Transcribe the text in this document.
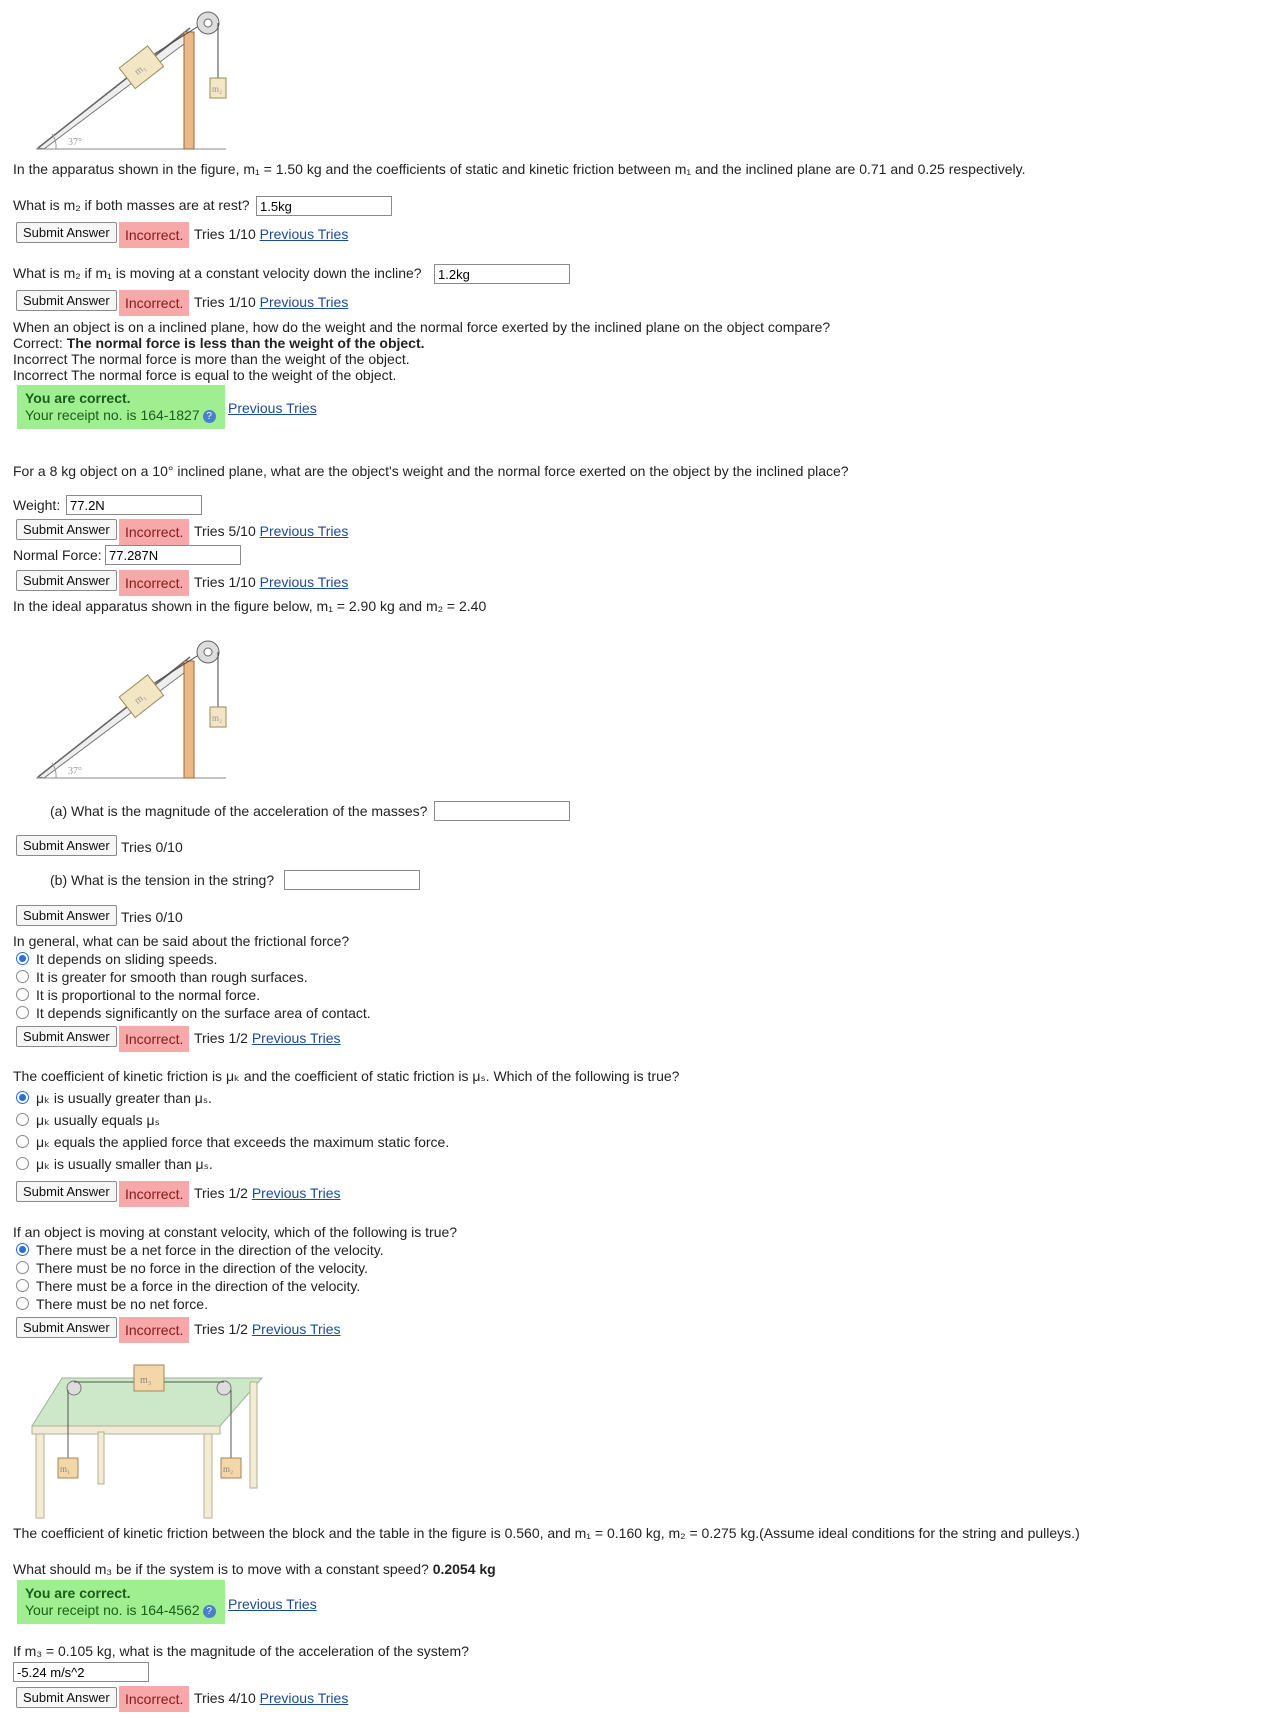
m₁
m₂
37°
In the apparatus shown in the figure, m₁ = 1.50 kg and the coefficients of static and kinetic friction between m₁ and the inclined plane are 0.71 and 0.25 respectively.
What is m₂ if both masses are at rest?
1.5kg
Submit Answer	Incorrect. Tries 1/10 Previous Tries
What is m₂ if m₁ is moving at a constant velocity down the incline?
1.2kg
Submit Answer	Incorrect. Tries 1/10 Previous Tries
When an object is on a inclined plane, how do the weight and the normal force exerted by the inclined plane on the object compare?
Correct: The normal force is less than the weight of the object.
Incorrect The normal force is more than the weight of the object.
Incorrect The normal force is equal to the weight of the object.
You are correct.
Your receipt no. is 164-1827 ?
Previous Tries
For a 8 kg object on a 10° inclined plane, what are the object's weight and the normal force exerted on the object by the inclined place?
Weight:
77.2N
Submit Answer	Incorrect. Tries 5/10 Previous Tries
Normal Force:
77.287N
Submit Answer	Incorrect. Tries 1/10 Previous Tries
In the ideal apparatus shown in the figure below, m₁ = 2.90 kg and m₂ = 2.40
m₁
m₂
37°
(a) What is the magnitude of the acceleration of the masses?
Submit Answer Tries 0/10
(b) What is the tension in the string?
Submit Answer Tries 0/10
In general, what can be said about the frictional force?
It depends on sliding speeds.
It is greater for smooth than rough surfaces.
It is proportional to the normal force.
It depends significantly on the surface area of contact.
Submit Answer	Incorrect. Tries 1/2 Previous Tries
The coefficient of kinetic friction is μₖ and the coefficient of static friction is μₛ. Which of the following is true?
μₖ is usually greater than μₛ.
μₖ usually equals μₛ
μₖ equals the applied force that exceeds the maximum static force.
μₖ is usually smaller than μₛ.
Submit Answer	Incorrect. Tries 1/2 Previous Tries
If an object is moving at constant velocity, which of the following is true?
There must be a net force in the direction of the velocity.
There must be no force in the direction of the velocity.
There must be a force in the direction of the velocity.
There must be no net force.
Submit Answer	Incorrect. Tries 1/2 Previous Tries
m₃
m₁	m₂
The coefficient of kinetic friction between the block and the table in the figure is 0.560, and m₁ = 0.160 kg, m₂ = 0.275 kg.(Assume ideal conditions for the string and pulleys.)
What should m₃ be if the system is to move with a constant speed? 0.2054 kg
You are correct.
Your receipt no. is 164-4562 ?	Previous Tries
If m₃ = 0.105 kg, what is the magnitude of the acceleration of the system?
-5.24 m/s^2
Submit Answer	Incorrect. Tries 4/10 Previous Tries
